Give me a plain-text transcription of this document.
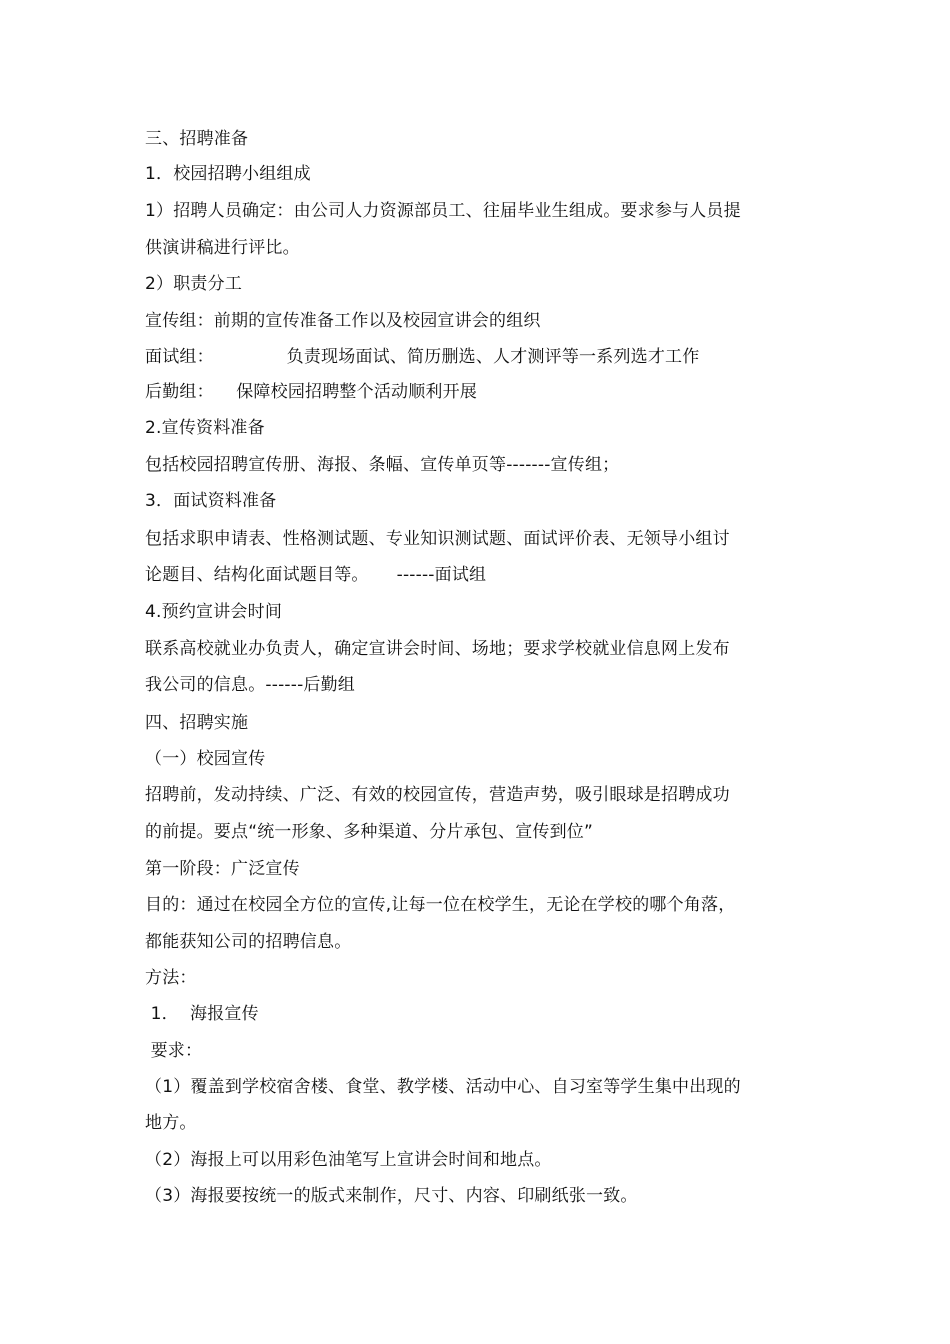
三、招聘准备
1．校园招聘小组组成
1）招聘人员确定：由公司人力资源部员工、往届毕业生组成。要求参与人员提
供演讲稿进行评比。
2）职责分工
宣传组：前期的宣传准备工作以及校园宣讲会的组织
面试组：             负责现场面试、简历删选、人才测评等一系列选才工作
后勤组：    保障校园招聘整个活动顺利开展
2.宣传资料准备
包括校园招聘宣传册、海报、条幅、宣传单页等-------宣传组；
3．面试资料准备
包括求职申请表、性格测试题、专业知识测试题、面试评价表、无领导小组讨
论题目、结构化面试题目等。     ------面试组
4.预约宣讲会时间
联系高校就业办负责人，确定宣讲会时间、场地；要求学校就业信息网上发布
我公司的信息。------后勤组
四、招聘实施
（一）校园宣传
招聘前，发动持续、广泛、有效的校园宣传，营造声势，吸引眼球是招聘成功
的前提。要点“统一形象、多种渠道、分片承包、宣传到位”
第一阶段：广泛宣传
目的：通过在校园全方位的宣传,让每一位在校学生，无论在学校的哪个角落，
都能获知公司的招聘信息。
方法：
1．  海报宣传
要求：
（1）覆盖到学校宿舍楼、食堂、教学楼、活动中心、自习室等学生集中出现的
地方。
（2）海报上可以用彩色油笔写上宣讲会时间和地点。
（3）海报要按统一的版式来制作，尺寸、内容、印刷纸张一致。
